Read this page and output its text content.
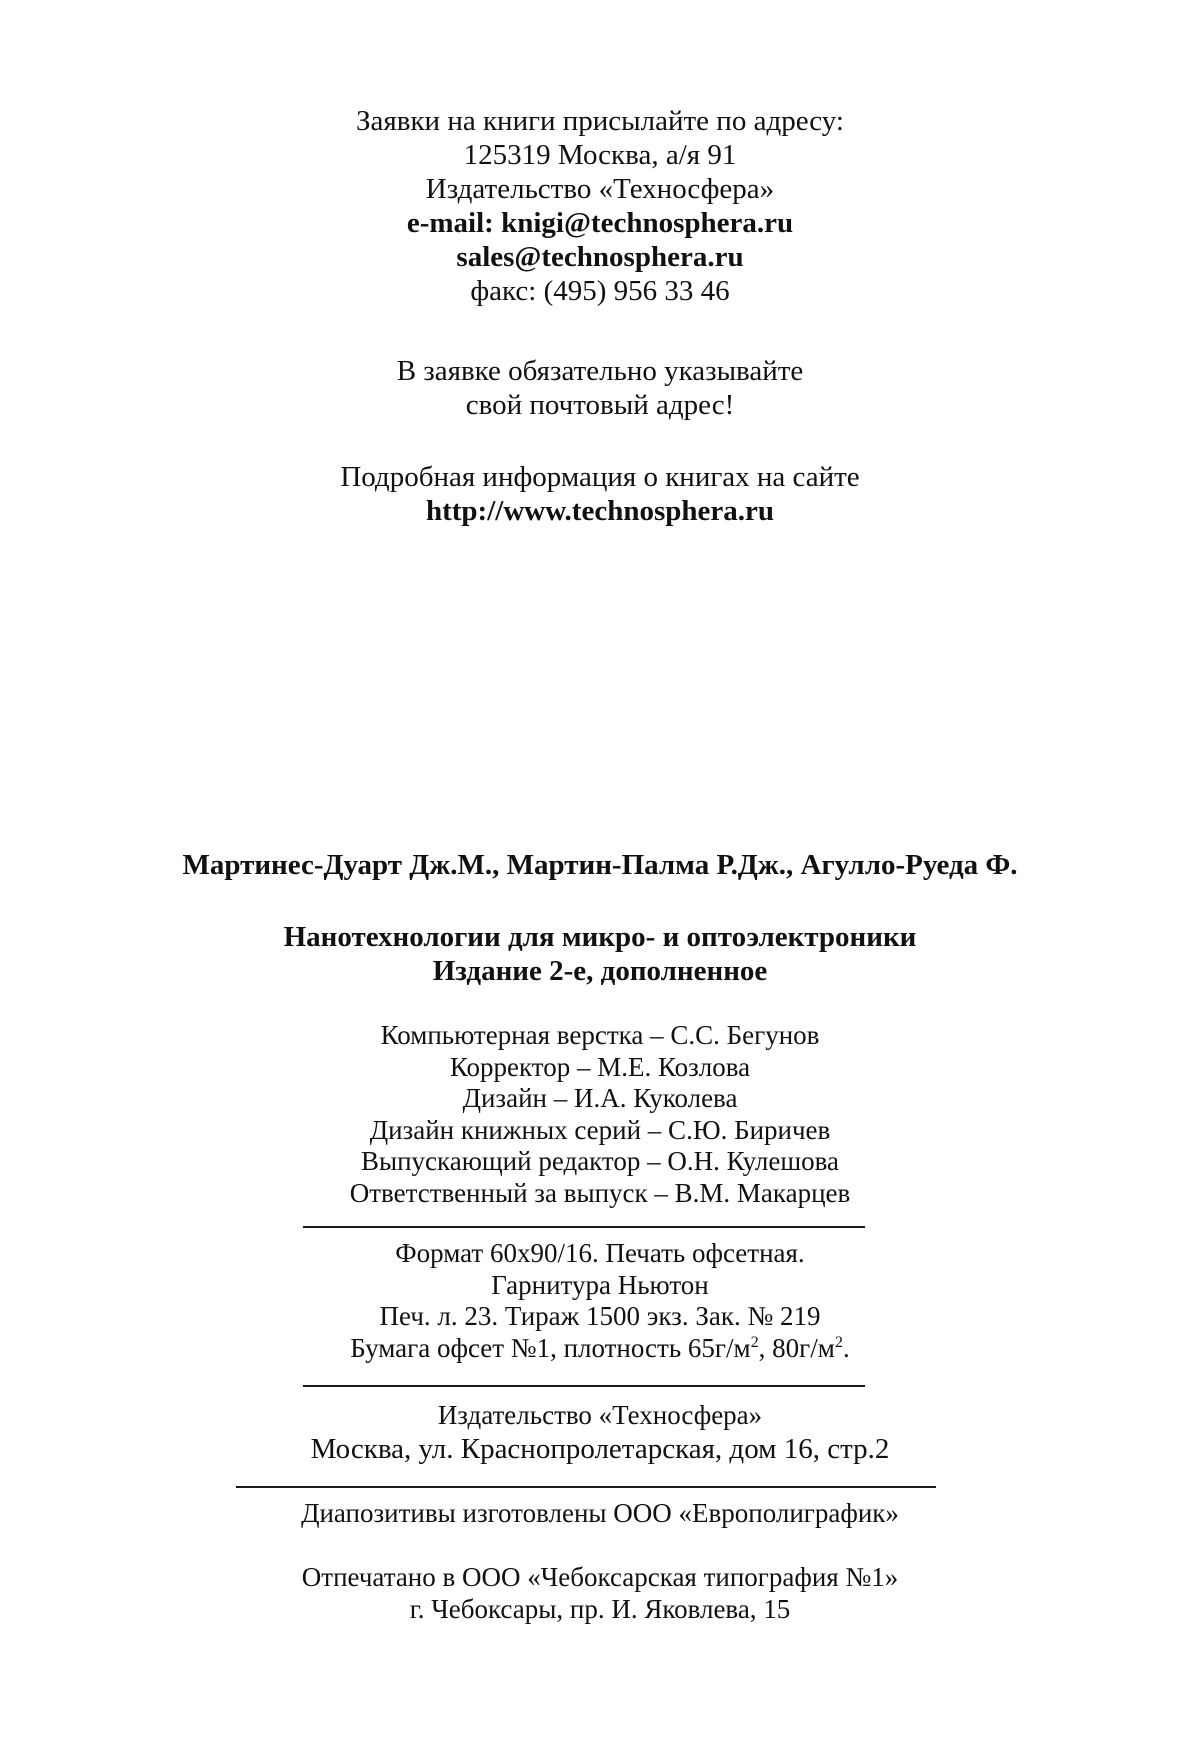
Заявки на книги присылайте по адресу:
125319 Москва, а/я 91
Издательство «Техносфера»
e-mail: knigi@technosphera.ru
sales@technosphera.ru
факс: (495) 956 33 46
В заявке обязательно указывайте
свой почтовый адрес!
Подробная информация о книгах на сайте
http://www.technosphera.ru
Мартинес-Дуарт Дж.М., Мартин-Палма Р.Дж., Агулло-Руеда Ф.
Нанотехнологии для микро- и оптоэлектроники
Издание 2-е, дополненное
Компьютерная верстка – С.С. Бегунов
Корректор – М.Е. Козлова
Дизайн – И.А. Куколева
Дизайн книжных серий – С.Ю. Биричев
Выпускающий редактор – О.Н. Кулешова
Ответственный за выпуск – В.М. Макарцев
Формат 60х90/16. Печать офсетная.
Гарнитура Ньютон
Печ. л. 23. Тираж 1500 экз. Зак. № 219
Бумага офсет №1, плотность $65г/м^2$, $80г/м^2$.
Издательство «Техносфера»
Москва, ул. Краснопролетарская, дом 16, стр.2
Диапозитивы изготовлены ООО «Европолиграфик»
Отпечатано в ООО «Чебоксарская типография №1»
г. Чебоксары, пр. И. Яковлева, 15
